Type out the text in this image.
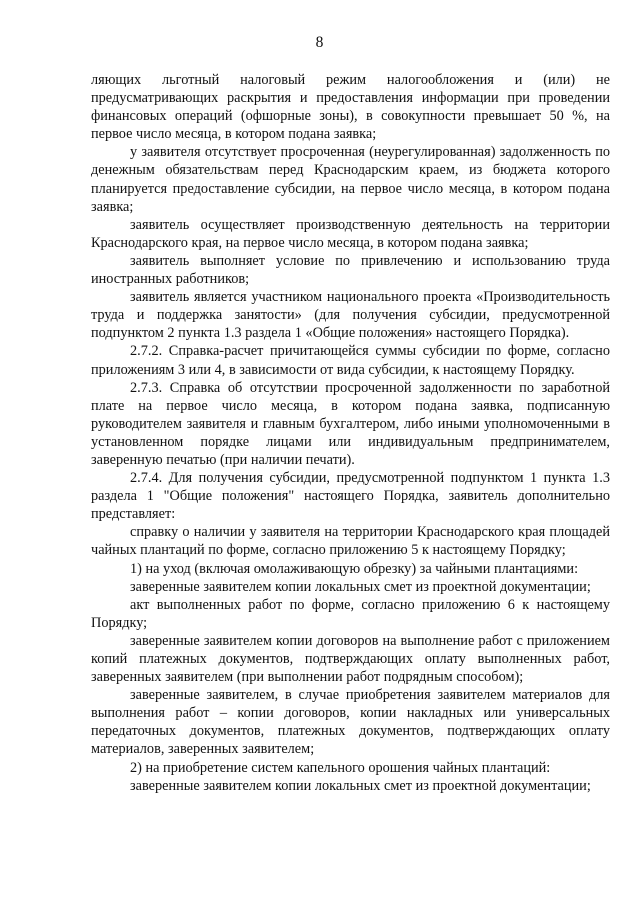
8

ляющих льготный налоговый режим налогообложения и (или) не предусматривающих раскрытия и предоставления информации при проведении финансовых операций (офшорные зоны), в совокупности превышает 50 %, на первое число месяца, в котором подана заявка;

у заявителя отсутствует просроченная (неурегулированная) задолженность по денежным обязательствам перед Краснодарским краем, из бюджета которого планируется предоставление субсидии, на первое число месяца, в котором подана заявка;

заявитель осуществляет производственную деятельность на территории Краснодарского края, на первое число месяца, в котором подана заявка;

заявитель выполняет условие по привлечению и использованию труда иностранных работников;

заявитель является участником национального проекта «Производительность труда и поддержка занятости» (для получения субсидии, предусмотренной подпунктом 2 пункта 1.3 раздела 1 «Общие положения» настоящего Порядка).

2.7.2. Справка-расчет причитающейся суммы субсидии по форме, согласно приложениям 3 или 4, в зависимости от вида субсидии, к настоящему Порядку.

2.7.3. Справка об отсутствии просроченной задолженности по заработной плате на первое число месяца, в котором подана заявка, подписанную руководителем заявителя и главным бухгалтером, либо иными уполномоченными в установленном порядке лицами или индивидуальным предпринимателем, заверенную печатью (при наличии печати).

2.7.4. Для получения субсидии, предусмотренной подпунктом 1 пункта 1.3 раздела 1 "Общие положения" настоящего Порядка, заявитель дополнительно представляет:

справку о наличии у заявителя на территории Краснодарского края площадей чайных плантаций по форме, согласно приложению 5 к настоящему Порядку;

1) на уход (включая омолаживающую обрезку) за чайными плантациями:

заверенные заявителем копии локальных смет из проектной документации;

акт выполненных работ по форме, согласно приложению 6 к настоящему Порядку;

заверенные заявителем копии договоров на выполнение работ с приложением копий платежных документов, подтверждающих оплату выполненных работ, заверенных заявителем (при выполнении работ подрядным способом);

заверенные заявителем, в случае приобретения заявителем материалов для выполнения работ – копии договоров, копии накладных или универсальных передаточных документов, платежных документов, подтверждающих оплату материалов, заверенных заявителем;

2) на приобретение систем капельного орошения чайных плантаций:

заверенные заявителем копии локальных смет из проектной документации;
